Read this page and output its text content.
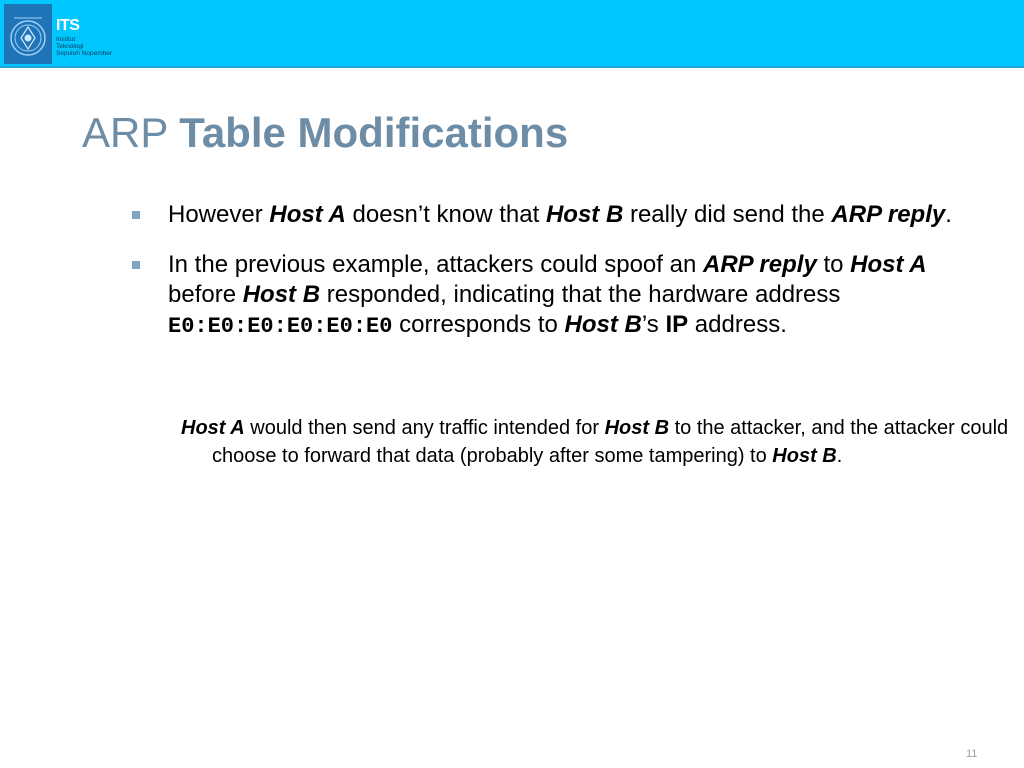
ITS
Institut
Teknologi
Sepuluh Nopember
ARP Table Modifications
However Host A doesn’t know that Host B really did send the ARP reply.
In the previous example, attackers could spoof an ARP reply to Host A before Host B responded, indicating that the hardware address E0:E0:E0:E0:E0:E0 corresponds to Host B’s IP address.

Host A would then send any traffic intended for Host B to the attacker, and the attacker could choose to forward that data (probably after some tampering) to Host B.

11
